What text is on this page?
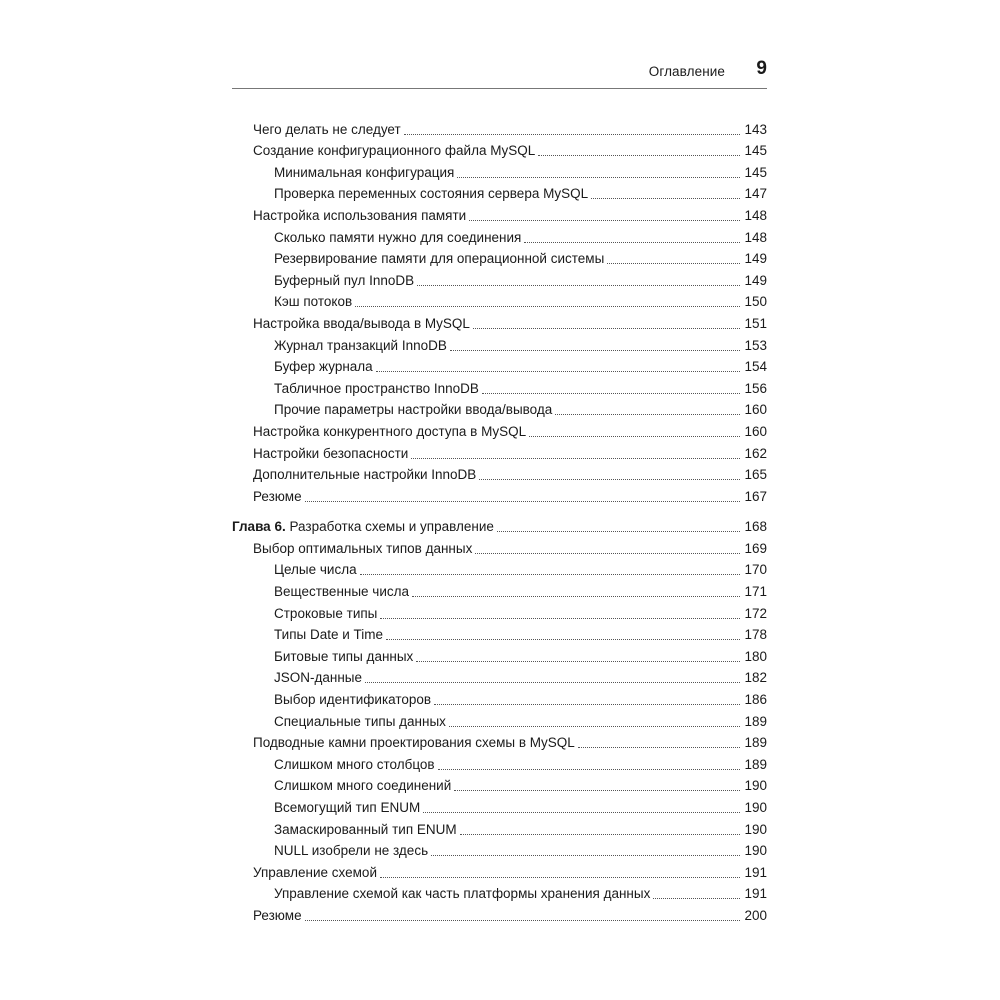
Оглавление 9
Чего делать не следует	143
Создание конфигурационного файла MySQL	145
Минимальная конфигурация	145
Проверка переменных состояния сервера MySQL	147
Настройка использования памяти	148
Сколько памяти нужно для соединения	148
Резервирование памяти для операционной системы	149
Буферный пул InnoDB	149
Кэш потоков	150
Настройка ввода/вывода в MySQL	151
Журнал транзакций InnoDB	153
Буфер журнала	154
Табличное пространство InnoDB	156
Прочие параметры настройки ввода/вывода	160
Настройка конкурентного доступа в MySQL	160
Настройки безопасности	162
Дополнительные настройки InnoDB	165
Резюме	167
Глава 6. Разработка схемы и управление	168
Выбор оптимальных типов данных	169
Целые числа	170
Вещественные числа	171
Строковые типы	172
Типы Date и Time	178
Битовые типы данных	180
JSON-данные	182
Выбор идентификаторов	186
Специальные типы данных	189
Подводные камни проектирования схемы в MySQL	189
Слишком много столбцов	189
Слишком много соединений	190
Всемогущий тип ENUM	190
Замаскированный тип ENUM	190
NULL изобрели не здесь	190
Управление схемой	191
Управление схемой как часть платформы хранения данных	191
Резюме	200
